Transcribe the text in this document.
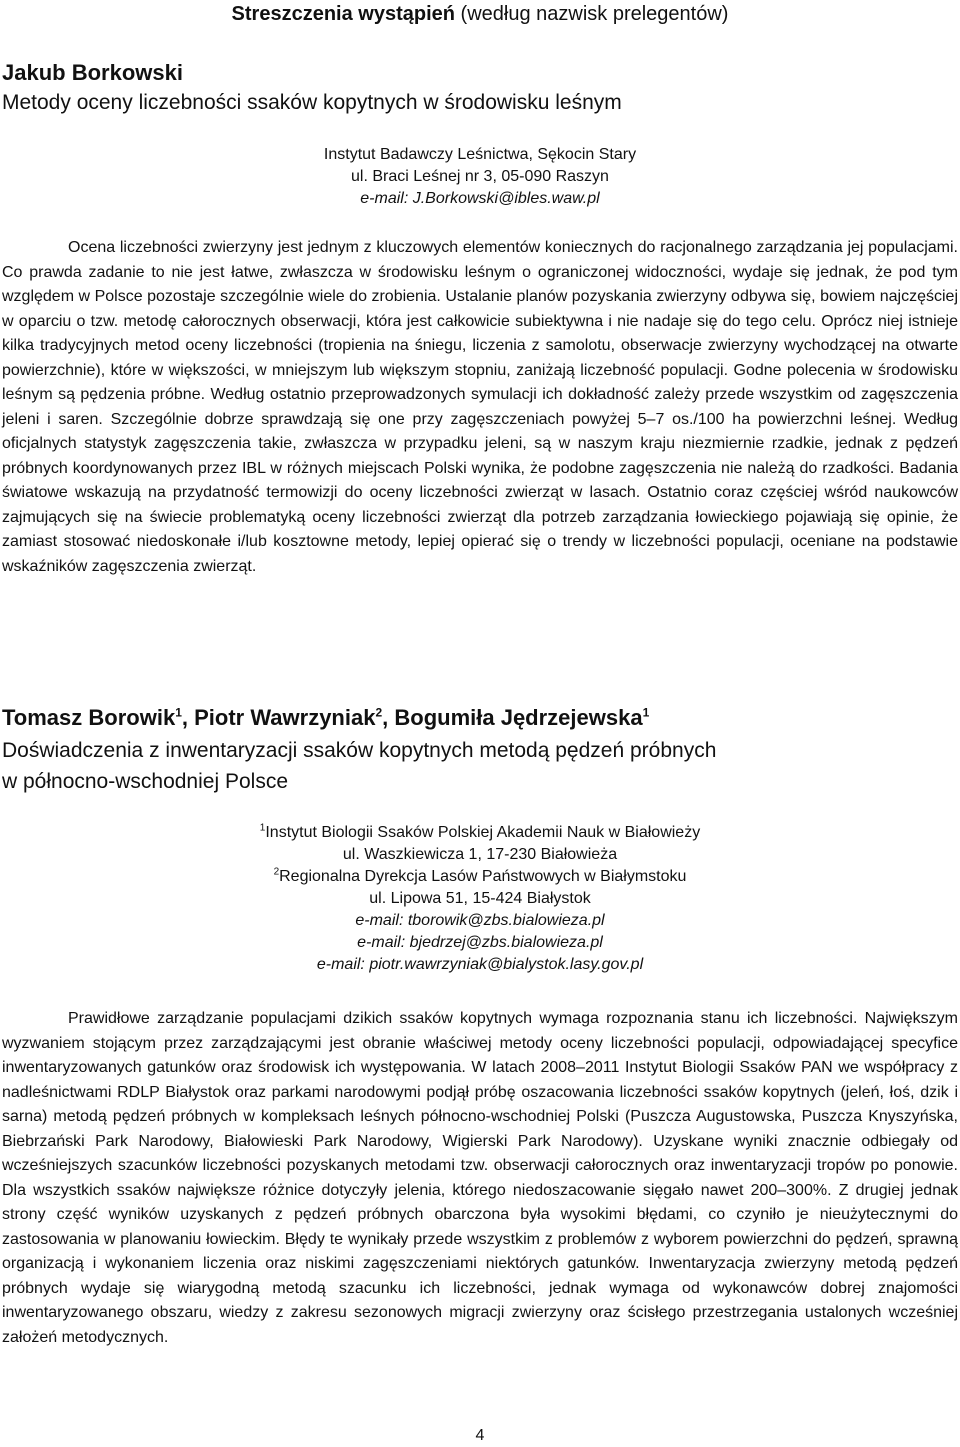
Streszczenia wystąpień (według nazwisk prelegentów)
Jakub Borkowski
Metody oceny liczebności ssaków kopytnych w środowisku leśnym
Instytut Badawczy Leśnictwa, Sękocin Stary
ul. Braci Leśnej nr 3, 05-090 Raszyn
e-mail: J.Borkowski@ibles.waw.pl

Ocena liczebności zwierzyny jest jednym z kluczowych elementów koniecznych do racjonalnego zarządzania jej populacjami. Co prawda zadanie to nie jest łatwe, zwłaszcza w środowisku leśnym o ograniczonej widoczności, wydaje się jednak, że pod tym względem w Polsce pozostaje szczególnie wiele do zrobienia. Ustalanie planów pozyskania zwierzyny odbywa się, bowiem najczęściej w oparciu o tzw. metodę całorocznych obserwacji, która jest całkowicie subiektywna i nie nadaje się do tego celu. Oprócz niej istnieje kilka tradycyjnych metod oceny liczebności (tropienia na śniegu, liczenia z samolotu, obserwacje zwierzyny wychodzącej na otwarte powierzchnie), które w większości, w mniejszym lub większym stopniu, zaniżają liczebność populacji. Godne polecenia w środowisku leśnym są pędzenia próbne. Według ostatnio przeprowadzonych symulacji ich dokładność zależy przede wszystkim od zagęszczenia jeleni i saren. Szczególnie dobrze sprawdzają się one przy zagęszczeniach powyżej 5–7 os./100 ha powierzchni leśnej. Według oficjalnych statystyk zagęszczenia takie, zwłaszcza w przypadku jeleni, są w naszym kraju niezmiernie rzadkie, jednak z pędzeń próbnych koordynowanych przez IBL w różnych miejscach Polski wynika, że podobne zagęszczenia nie należą do rzadkości. Badania światowe wskazują na przydatność termowizji do oceny liczebności zwierząt w lasach. Ostatnio coraz częściej wśród naukowców zajmujących się na świecie problematyką oceny liczebności zwierząt dla potrzeb zarządzania łowieckiego pojawiają się opinie, że zamiast stosować niedoskonałe i/lub kosztowne metody, lepiej opierać się o trendy w liczebności populacji, oceniane na podstawie wskaźników zagęszczenia zwierząt.

Tomasz Borowik$^1$, Piotr Wawrzyniak$^2$, Bogumiła Jędrzejewska$^1$
Doświadczenia z inwentaryzacji ssaków kopytnych metodą pędzeń próbnych
w północno-wschodniej Polsce
$^1$Instytut Biologii Ssaków Polskiej Akademii Nauk w Białowieży
ul. Waszkiewicza 1, 17-230 Białowieża
$^2$Regionalna Dyrekcja Lasów Państwowych w Białymstoku
ul. Lipowa 51, 15-424 Białystok
e-mail: tborowik@zbs.bialowieza.pl
e-mail: bjedrzej@zbs.bialowieza.pl
e-mail: piotr.wawrzyniak@bialystok.lasy.gov.pl

Prawidłowe zarządzanie populacjami dzikich ssaków kopytnych wymaga rozpoznania stanu ich liczebności. Największym wyzwaniem stojącym przez zarządzającymi jest obranie właściwej metody oceny liczebności populacji, odpowiadającej specyfice inwentaryzowanych gatunków oraz środowisk ich występowania. W latach 2008–2011 Instytut Biologii Ssaków PAN we współpracy z nadleśnictwami RDLP Białystok oraz parkami narodowymi podjął próbę oszacowania liczebności ssaków kopytnych (jeleń, łoś, dzik i sarna) metodą pędzeń próbnych w kompleksach leśnych północno-wschodniej Polski (Puszcza Augustowska, Puszcza Knyszyńska, Biebrzański Park Narodowy, Białowieski Park Narodowy, Wigierski Park Narodowy). Uzyskane wyniki znacznie odbiegały od wcześniejszych szacunków liczebności pozyskanych metodami tzw. obserwacji całorocznych oraz inwentaryzacji tropów po ponowie. Dla wszystkich ssaków największe różnice dotyczyły jelenia, którego niedoszacowanie sięgało nawet 200–300%. Z drugiej jednak strony część wyników uzyskanych z pędzeń próbnych obarczona była wysokimi błędami, co czyniło je nieużytecznymi do zastosowania w planowaniu łowieckim. Błędy te wynikały przede wszystkim z problemów z wyborem powierzchni do pędzeń, sprawną organizacją i wykonaniem liczenia oraz niskimi zagęszczeniami niektórych gatunków. Inwentaryzacja zwierzyny metodą pędzeń próbnych wydaje się wiarygodną metodą szacunku ich liczebności, jednak wymaga od wykonawców dobrej znajomości inwentaryzowanego obszaru, wiedzy z zakresu sezonowych migracji zwierzyny oraz ścisłego przestrzegania ustalonych wcześniej założeń metodycznych.

4
